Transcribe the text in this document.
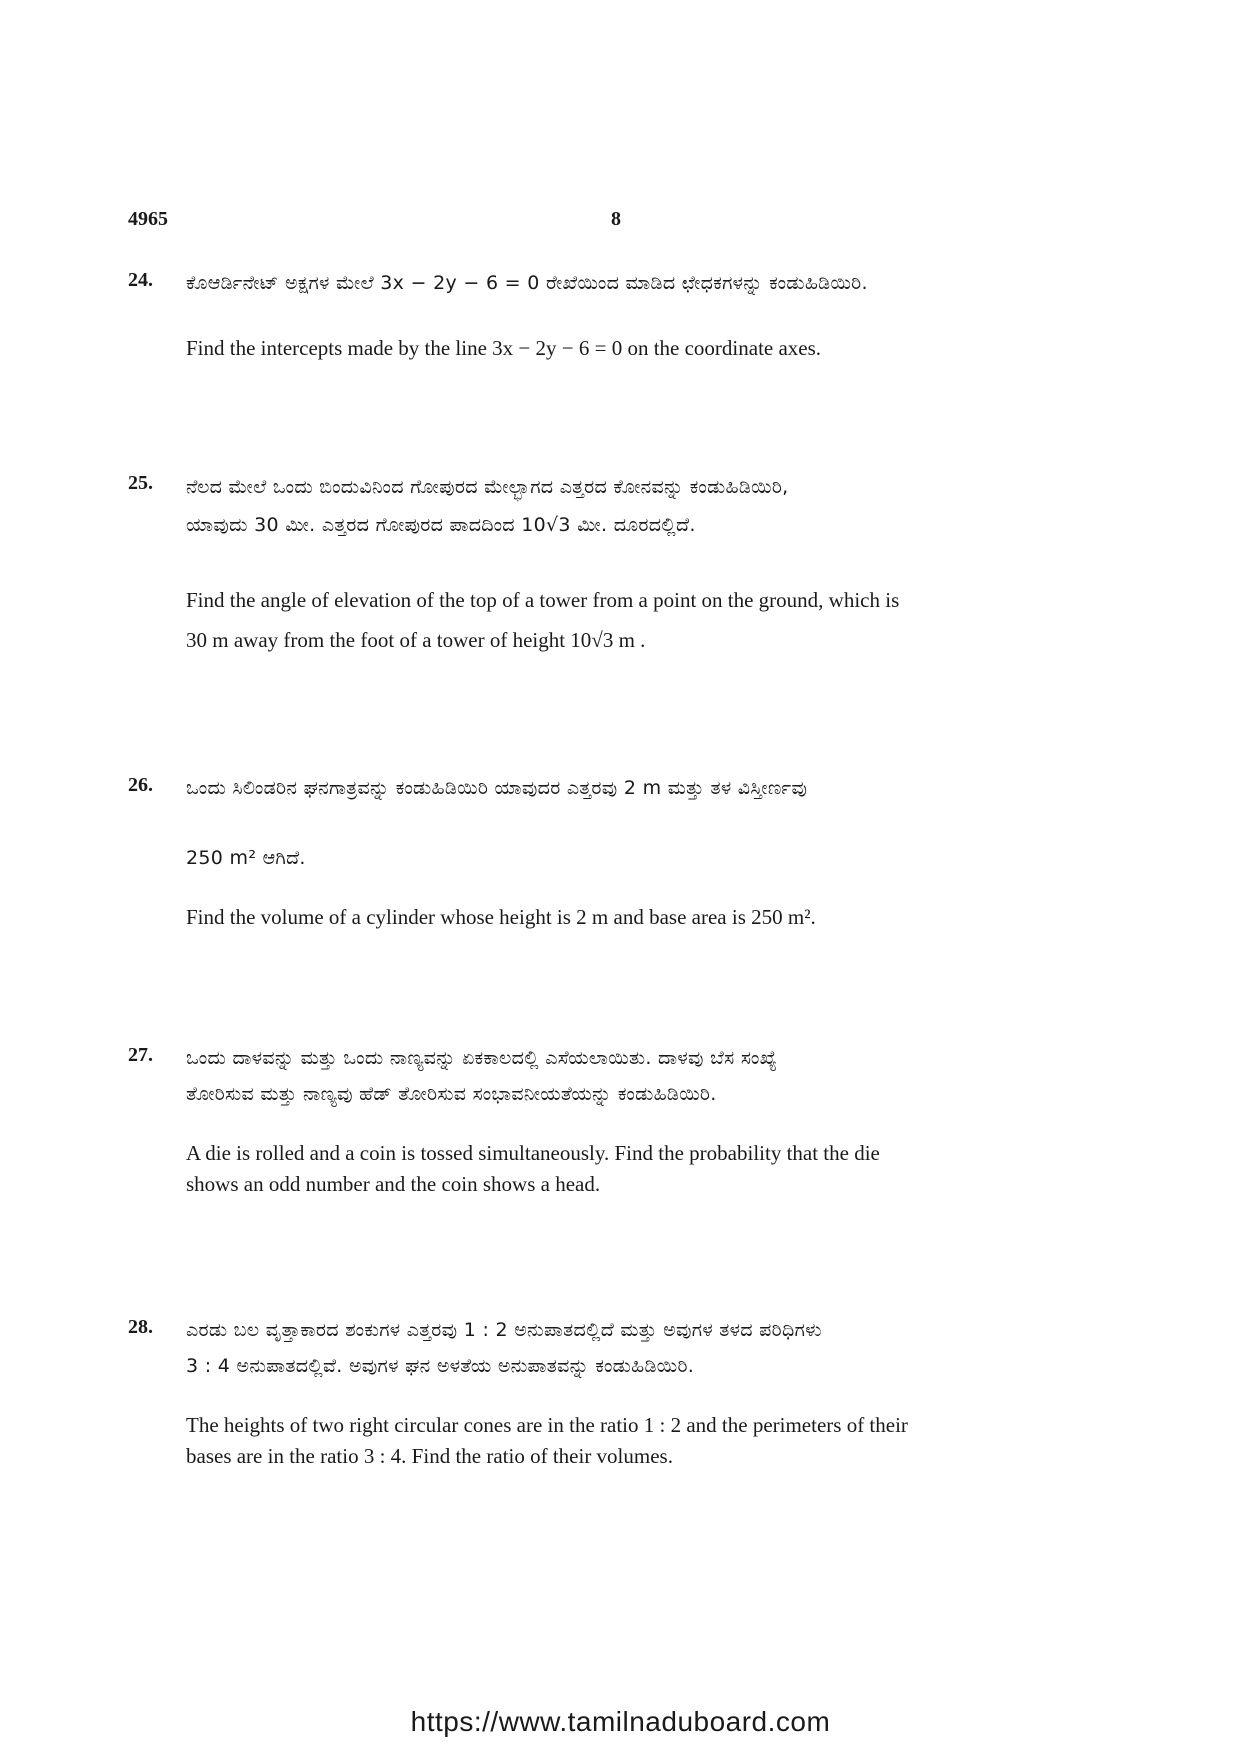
4965	8
24.	ಕೊಆರ್ಡಿನೇಟ್ ಅಕ್ಷಗಳ ಮೇಲೆ 3x − 2y − 6 = 0 ರೇಖೆಯಿಂದ ಮಾಡಿದ ಛೇಧಕಗಳನ್ನು ಕಂಡುಹಿಡಿಯಿರಿ.
Find the intercepts made by the line 3x − 2y − 6 = 0 on the coordinate axes.
25.	ನೆಲದ ಮೇಲೆ ಒಂದು ಬಿಂದುವಿನಿಂದ ಗೋಪುರದ ಮೇಲ್ಭಾಗದ ಎತ್ತರದ ಕೋನವನ್ನು ಕಂಡುಹಿಡಿಯಿರಿ,
ಯಾವುದು 30 ಮೀ. ಎತ್ತರದ ಗೋಪುರದ ಪಾದದಿಂದ 10√3 ಮೀ. ದೂರದಲ್ಲಿದೆ.
Find the angle of elevation of the top of a tower from a point on the ground, which is
30 m away from the foot of a tower of height 10√3 m .
26.	ಒಂದು ಸಿಲಿಂಡರಿನ ಘನಗಾತ್ರವನ್ನು ಕಂಡುಹಿಡಿಯಿರಿ ಯಾವುದರ ಎತ್ತರವು 2 m ಮತ್ತು ತಳ ವಿಸ್ತೀರ್ಣವು
250 m² ಆಗಿದೆ.
Find the volume of a cylinder whose height is 2 m and base area is 250 m².
27.	ಒಂದು ದಾಳವನ್ನು ಮತ್ತು ಒಂದು ನಾಣ್ಯವನ್ನು ಏಕಕಾಲದಲ್ಲಿ ಎಸೆಯಲಾಯಿತು. ದಾಳವು ಬೆಸ ಸಂಖ್ಯೆ
ತೋರಿಸುವ ಮತ್ತು ನಾಣ್ಯವು ಹೆಡ್ ತೋರಿಸುವ ಸಂಭಾವನೀಯತೆಯನ್ನು ಕಂಡುಹಿಡಿಯಿರಿ.
A die is rolled and a coin is tossed simultaneously. Find the probability that the die
shows an odd number and the coin shows a head.
28.	ಎರಡು ಬಲ ವೃತ್ತಾಕಾರದ ಶಂಕುಗಳ ಎತ್ತರವು 1 : 2 ಅನುಪಾತದಲ್ಲಿದೆ ಮತ್ತು ಅವುಗಳ ತಳದ ಪರಿಧಿಗಳು
3 : 4 ಅನುಪಾತದಲ್ಲಿವೆ. ಅವುಗಳ ಘನ ಅಳತೆಯ ಅನುಪಾತವನ್ನು ಕಂಡುಹಿಡಿಯಿರಿ.
The heights of two right circular cones are in the ratio 1 : 2 and the perimeters of their
bases are in the ratio 3 : 4. Find the ratio of their volumes.
https://www.tamilnaduboard.com
